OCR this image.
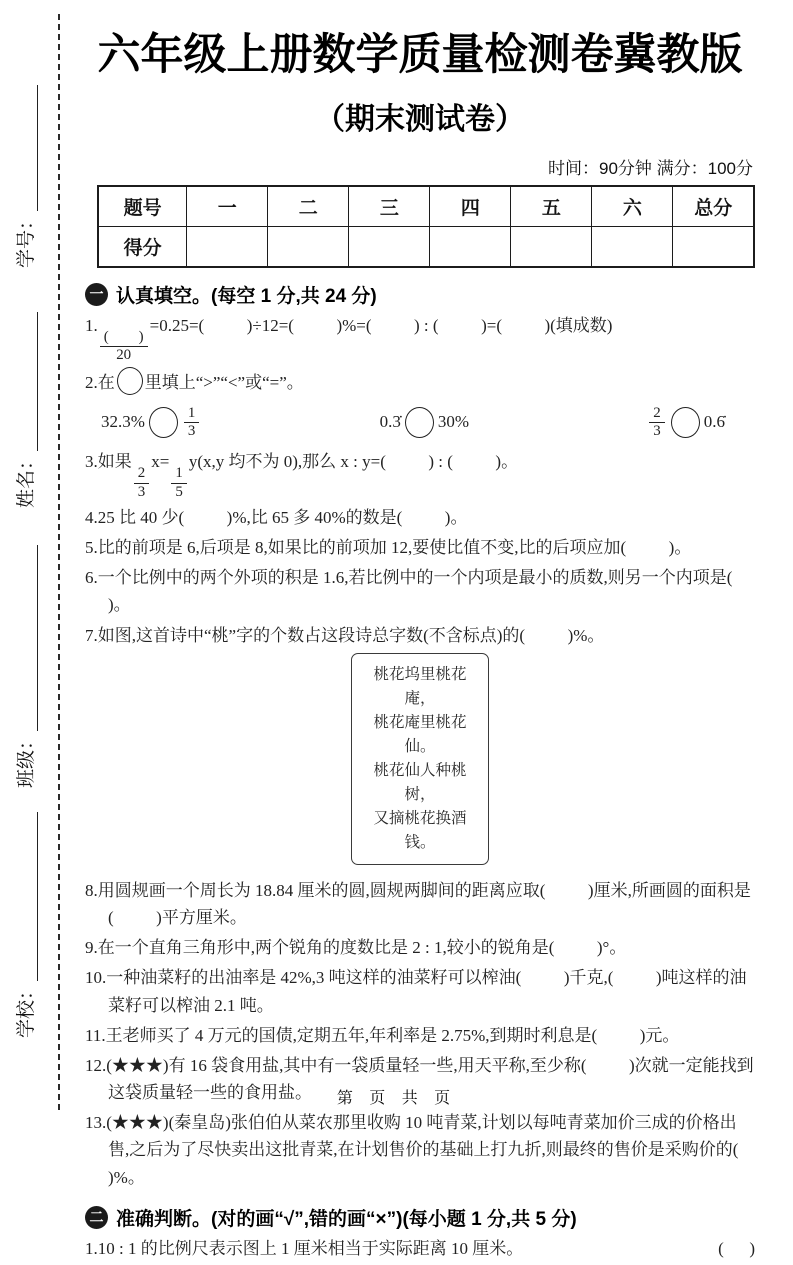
学号：
姓名：
班级：
学校：
六年级上册数学质量检测卷冀教版
（期末测试卷）
时间：90分钟 满分：100分
题号	一	二	三	四	五	六	总分
得分							
一 认真填空。(每空 1 分,共 24 分)
1.
$\frac{( )}{20}$
=0.25=(          )÷12=(          )%=(          ) : (          )=(          )(填成数)
2.在 里填上“>”“<”或“=”。
32.3%	$\frac{1}{3}$	0.3̇ 30%	$\frac{2}{3}$ 0.6̇
3.如果
$\frac{2}{3}$
x=
$\frac{1}{5}$
y(x,y 均不为 0),那么 x : y=(          ) : (          )。
4.25 比 40 少(          )%,比 65 多 40%的数是(          )。
5.比的前项是 6,后项是 8,如果比的前项加 12,要使比值不变,比的后项应加(          )。
6.一个比例中的两个外项的积是 1.6,若比例中的一个内项是最小的质数,则另一个内项是(          )。
7.如图,这首诗中“桃”字的个数占这段诗总字数(不含标点)的(          )%。
桃花坞里桃花庵，
桃花庵里桃花仙。
桃花仙人种桃树，
又摘桃花换酒钱。
8.用圆规画一个周长为 18.84 厘米的圆,圆规两脚间的距离应取(          )厘米,所画圆的面积是(          )平方厘米。
9.在一个直角三角形中,两个锐角的度数比是 2 : 1,较小的锐角是(          )°。
10.一种油菜籽的出油率是 42%,3 吨这样的油菜籽可以榨油(          )千克,(          )吨这样的油菜籽可以榨油 2.1 吨。
11.王老师买了 4 万元的国债,定期五年,年利率是 2.75%,到期时利息是(          )元。
12.(★★★)有 16 袋食用盐,其中有一袋质量轻一些,用天平称,至少称(          )次就一定能找到这袋质量轻一些的食用盐。
13.(★★★)(秦皇岛)张伯伯从菜农那里收购 10 吨青菜,计划以每吨青菜加价三成的价格出售,之后为了尽快卖出这批青菜,在计划售价的基础上打九折,则最终的售价是采购价的(          )%。
二 准确判断。(对的画“√”,错的画“×”)(每小题 1 分,共 5 分)
1.10 : 1 的比例尺表示图上 1 厘米相当于实际距离 10 厘米。	(      )
第 页 共 页
